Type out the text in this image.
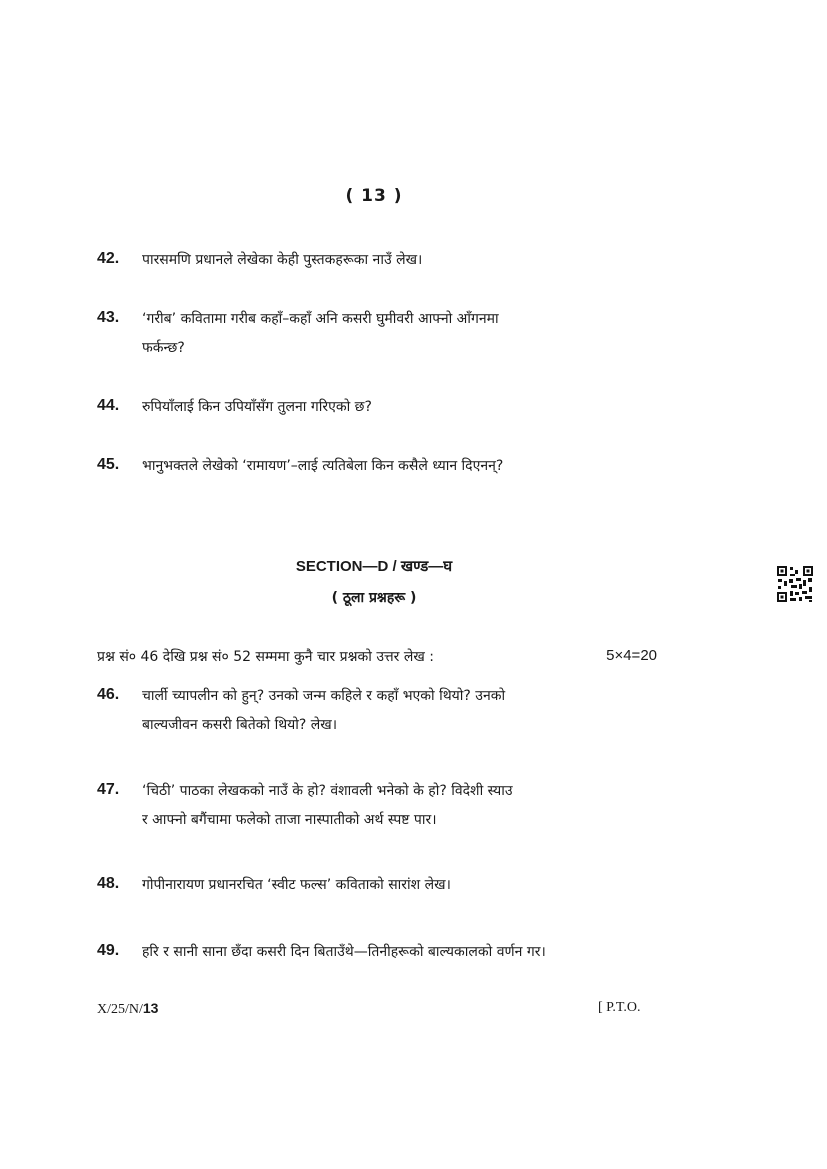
( 13 )
42. पारसमणि प्रधानले लेखेका केही पुस्तकहरूका नाउँ लेख।
43. ‘गरीब’ कवितामा गरीब कहाँ–कहाँ अनि कसरी घुमीवरी आफ्नो आँगनमा
फर्कन्छ?
44. रुपियाँलाई किन उपियाँसँग तुलना गरिएको छ?
45. भानुभक्तले लेखेको ‘रामायण’–लाई त्यतिबेला किन कसैले ध्यान दिएनन्?
SECTION—D / खण्ड—घ
( ठूला प्रश्नहरू )
प्रश्न सं० 46 देखि प्रश्न सं० 52 सम्ममा कुनै चार प्रश्नको उत्तर लेख :	5×4=20
46. चार्ली च्यापलीन को हुन्? उनको जन्म कहिले र कहाँ भएको थियो? उनको
बाल्यजीवन कसरी बितेको थियो? लेख।
47. ‘चिठी’ पाठका लेखकको नाउँ के हो? वंशावली भनेको के हो? विदेशी स्याउ
र आफ्नो बगैंचामा फलेको ताजा नास्पातीको अर्थ स्पष्ट पार।
48. गोपीनारायण प्रधानरचित ‘स्वीट फल्स’ कविताको सारांश लेख।
49. हरि र सानी साना छँदा कसरी दिन बिताउँथे—तिनीहरूको बाल्यकालको वर्णन गर।
X/25/N/13	[ P.T.O.
